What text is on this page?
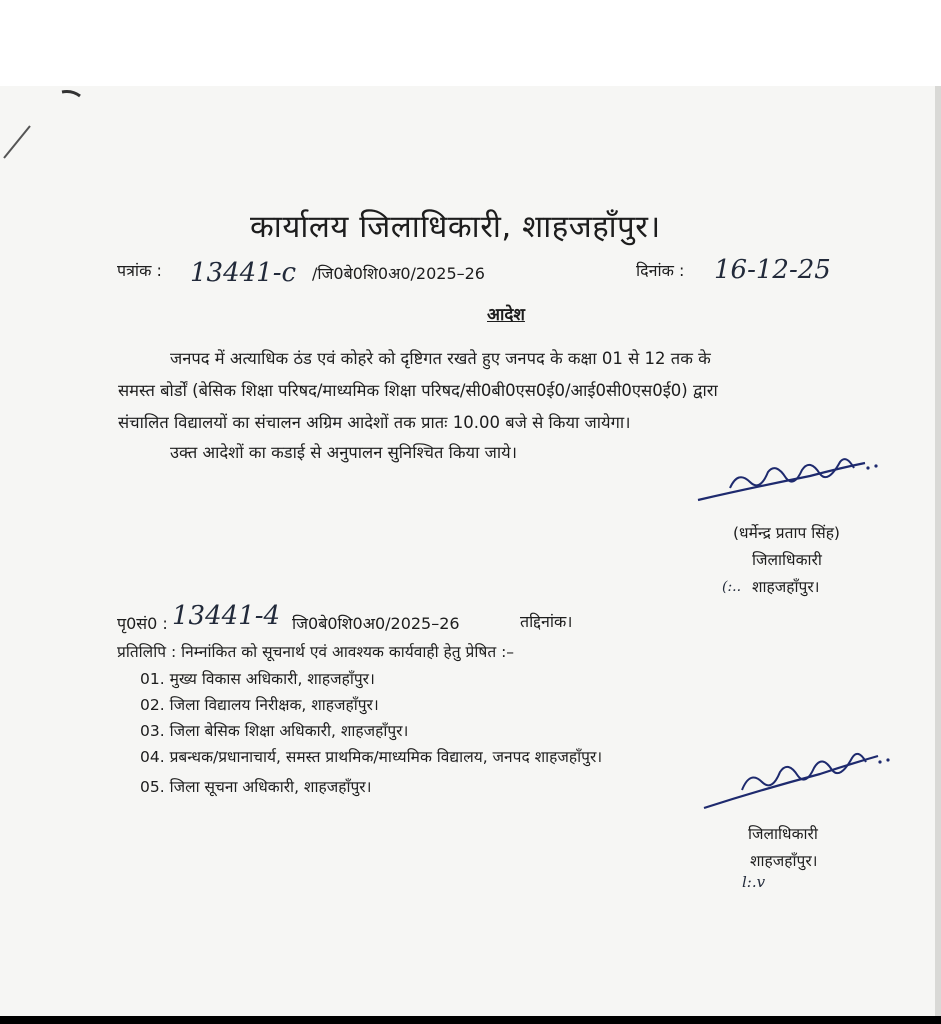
कार्यालय जिलाधिकारी, शाहजहाँपुर।
पत्रांक : 13441-c /जि0बे0शि0अ0/2025–26	दिनांक : 16-12-25
आदेश
जनपद में अत्याधिक ठंड एवं कोहरे को दृष्टिगत रखते हुए जनपद के कक्षा 01 से 12 तक के
समस्त बोर्डों (बेसिक शिक्षा परिषद/माध्यमिक शिक्षा परिषद/सी0बी0एस0ई0/आई0सी0एस0ई0) द्वारा
संचालित विद्यालयों का संचालन अग्रिम आदेशों तक प्रातः 10.00 बजे से किया जायेगा।
उक्त आदेशों का कडाई से अनुपालन सुनिश्चित किया जाये।
(धर्मेन्द्र प्रताप सिंह)
जिलाधिकारी
(:.. शाहजहाँपुर।
पृ0सं0 : 13441-4 जि0बे0शि0अ0/2025–26	तद्दिनांक।
प्रतिलिपि : निम्नांकित को सूचनार्थ एवं आवश्यक कार्यवाही हेतु प्रेषित :–
01. मुख्य विकास अधिकारी, शाहजहाँपुर।
02. जिला विद्यालय निरीक्षक, शाहजहाँपुर।
03. जिला बेसिक शिक्षा अधिकारी, शाहजहाँपुर।
04. प्रबन्धक/प्रधानाचार्य, समस्त प्राथमिक/माध्यमिक विद्यालय, जनपद शाहजहाँपुर।
05. जिला सूचना अधिकारी, शाहजहाँपुर।
जिलाधिकारी
शाहजहाँपुर।
l:.v
